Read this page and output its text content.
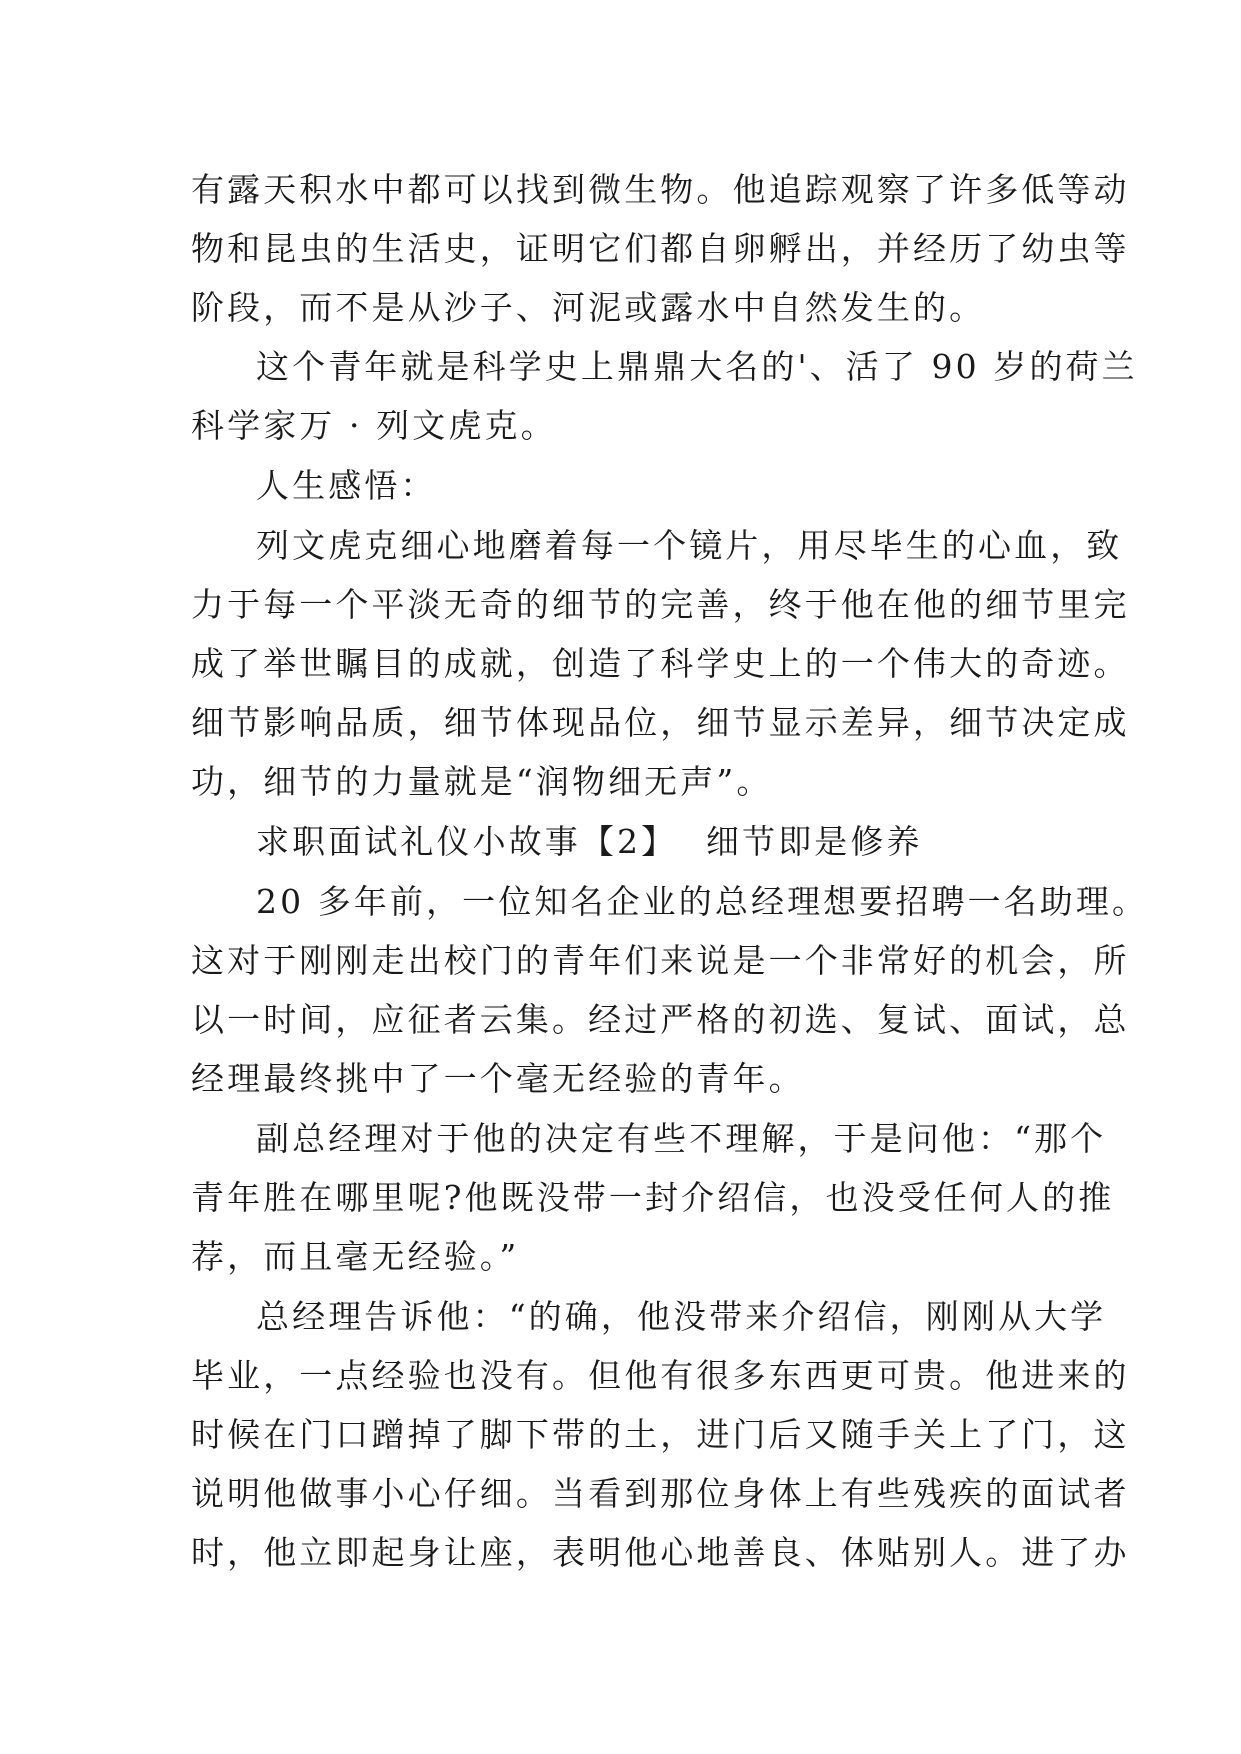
有露天积水中都可以找到微生物。他追踪观察了许多低等动

物和昆虫的生活史，证明它们都自卵孵出，并经历了幼虫等

阶段，而不是从沙子、河泥或露水中自然发生的。

这个青年就是科学史上鼎鼎大名的'、活了 90 岁的荷兰

科学家万 · 列文虎克。

人生感悟：

列文虎克细心地磨着每一个镜片，用尽毕生的心血，致

力于每一个平淡无奇的细节的完善，终于他在他的细节里完

成了举世瞩目的成就，创造了科学史上的一个伟大的奇迹。

细节影响品质，细节体现品位，细节显示差异，细节决定成

功，细节的力量就是“润物细无声”。

求职面试礼仪小故事【2】 细节即是修养

20 多年前，一位知名企业的总经理想要招聘一名助理。

这对于刚刚走出校门的青年们来说是一个非常好的机会，所

以一时间，应征者云集。经过严格的初选、复试、面试，总

经理最终挑中了一个毫无经验的青年。

副总经理对于他的决定有些不理解，于是问他：“那个

青年胜在哪里呢?他既没带一封介绍信，也没受任何人的推

荐，而且毫无经验。”

总经理告诉他：“的确，他没带来介绍信，刚刚从大学

毕业，一点经验也没有。但他有很多东西更可贵。他进来的

时候在门口蹭掉了脚下带的土，进门后又随手关上了门，这

说明他做事小心仔细。当看到那位身体上有些残疾的面试者

时，他立即起身让座，表明他心地善良、体贴别人。进了办
